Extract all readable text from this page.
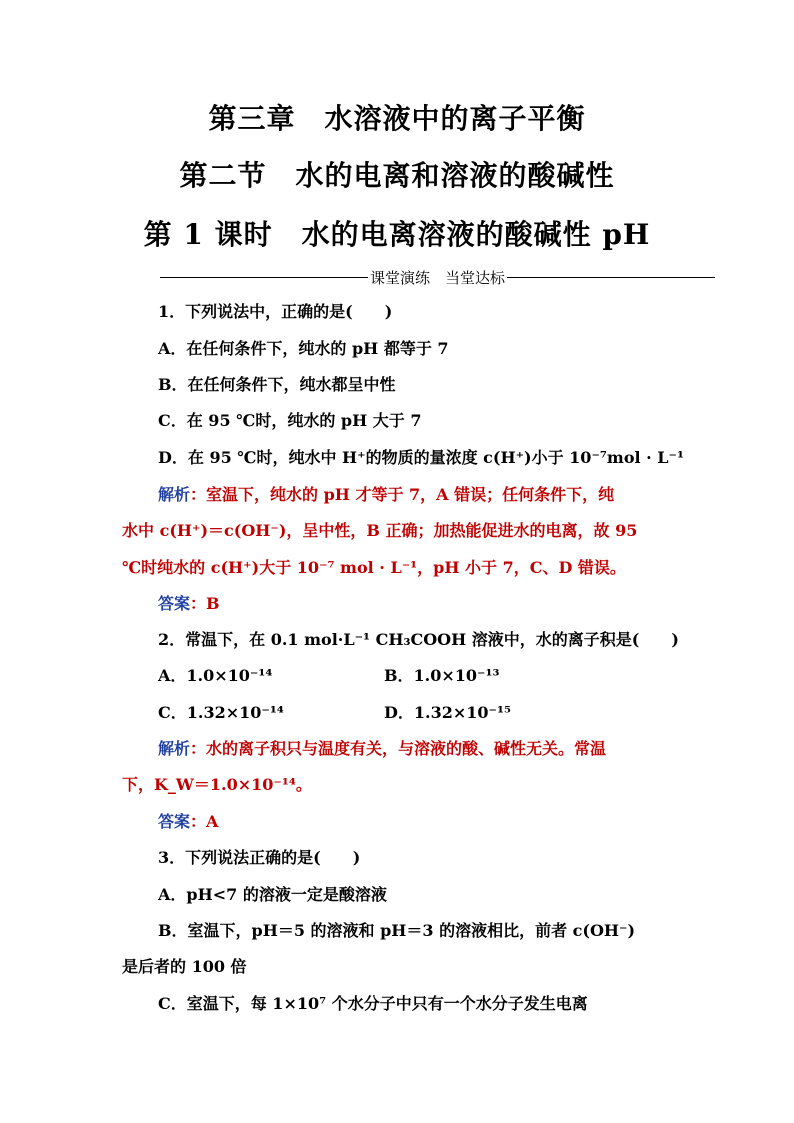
第三章　水溶液中的离子平衡
第二节　水的电离和溶液的酸碱性
第 1 课时　水的电离溶液的酸碱性 pH
课堂演练　当堂达标
1．下列说法中，正确的是(　　)
A．在任何条件下，纯水的 pH 都等于 7
B．在任何条件下，纯水都呈中性
C．在 95 ℃时，纯水的 pH 大于 7
D．在 95 ℃时，纯水中 H⁺的物质的量浓度 c(H⁺)小于 10⁻⁷mol · L⁻¹
解析：室温下，纯水的 pH 才等于 7，A 错误；任何条件下，纯
水中 c(H⁺)＝c(OH⁻)，呈中性，B 正确；加热能促进水的电离，故 95
℃时纯水的 c(H⁺)大于 10⁻⁷ mol · L⁻¹，pH 小于 7，C、D 错误。
答案：B
2．常温下，在 0.1 mol·L⁻¹ CH₃COOH 溶液中，水的离子积是(　　)
A．1.0×10⁻¹⁴	B．1.0×10⁻¹³
C．1.32×10⁻¹⁴	D．1.32×10⁻¹⁵
解析：水的离子积只与温度有关，与溶液的酸、碱性无关。常温
下，K_W＝1.0×10⁻¹⁴。
答案：A
3．下列说法正确的是(　　)
A．pH<7 的溶液一定是酸溶液
B．室温下，pH＝5 的溶液和 pH＝3 的溶液相比，前者 c(OH⁻)
是后者的 100 倍
C．室温下，每 1×10⁷ 个水分子中只有一个水分子发生电离
